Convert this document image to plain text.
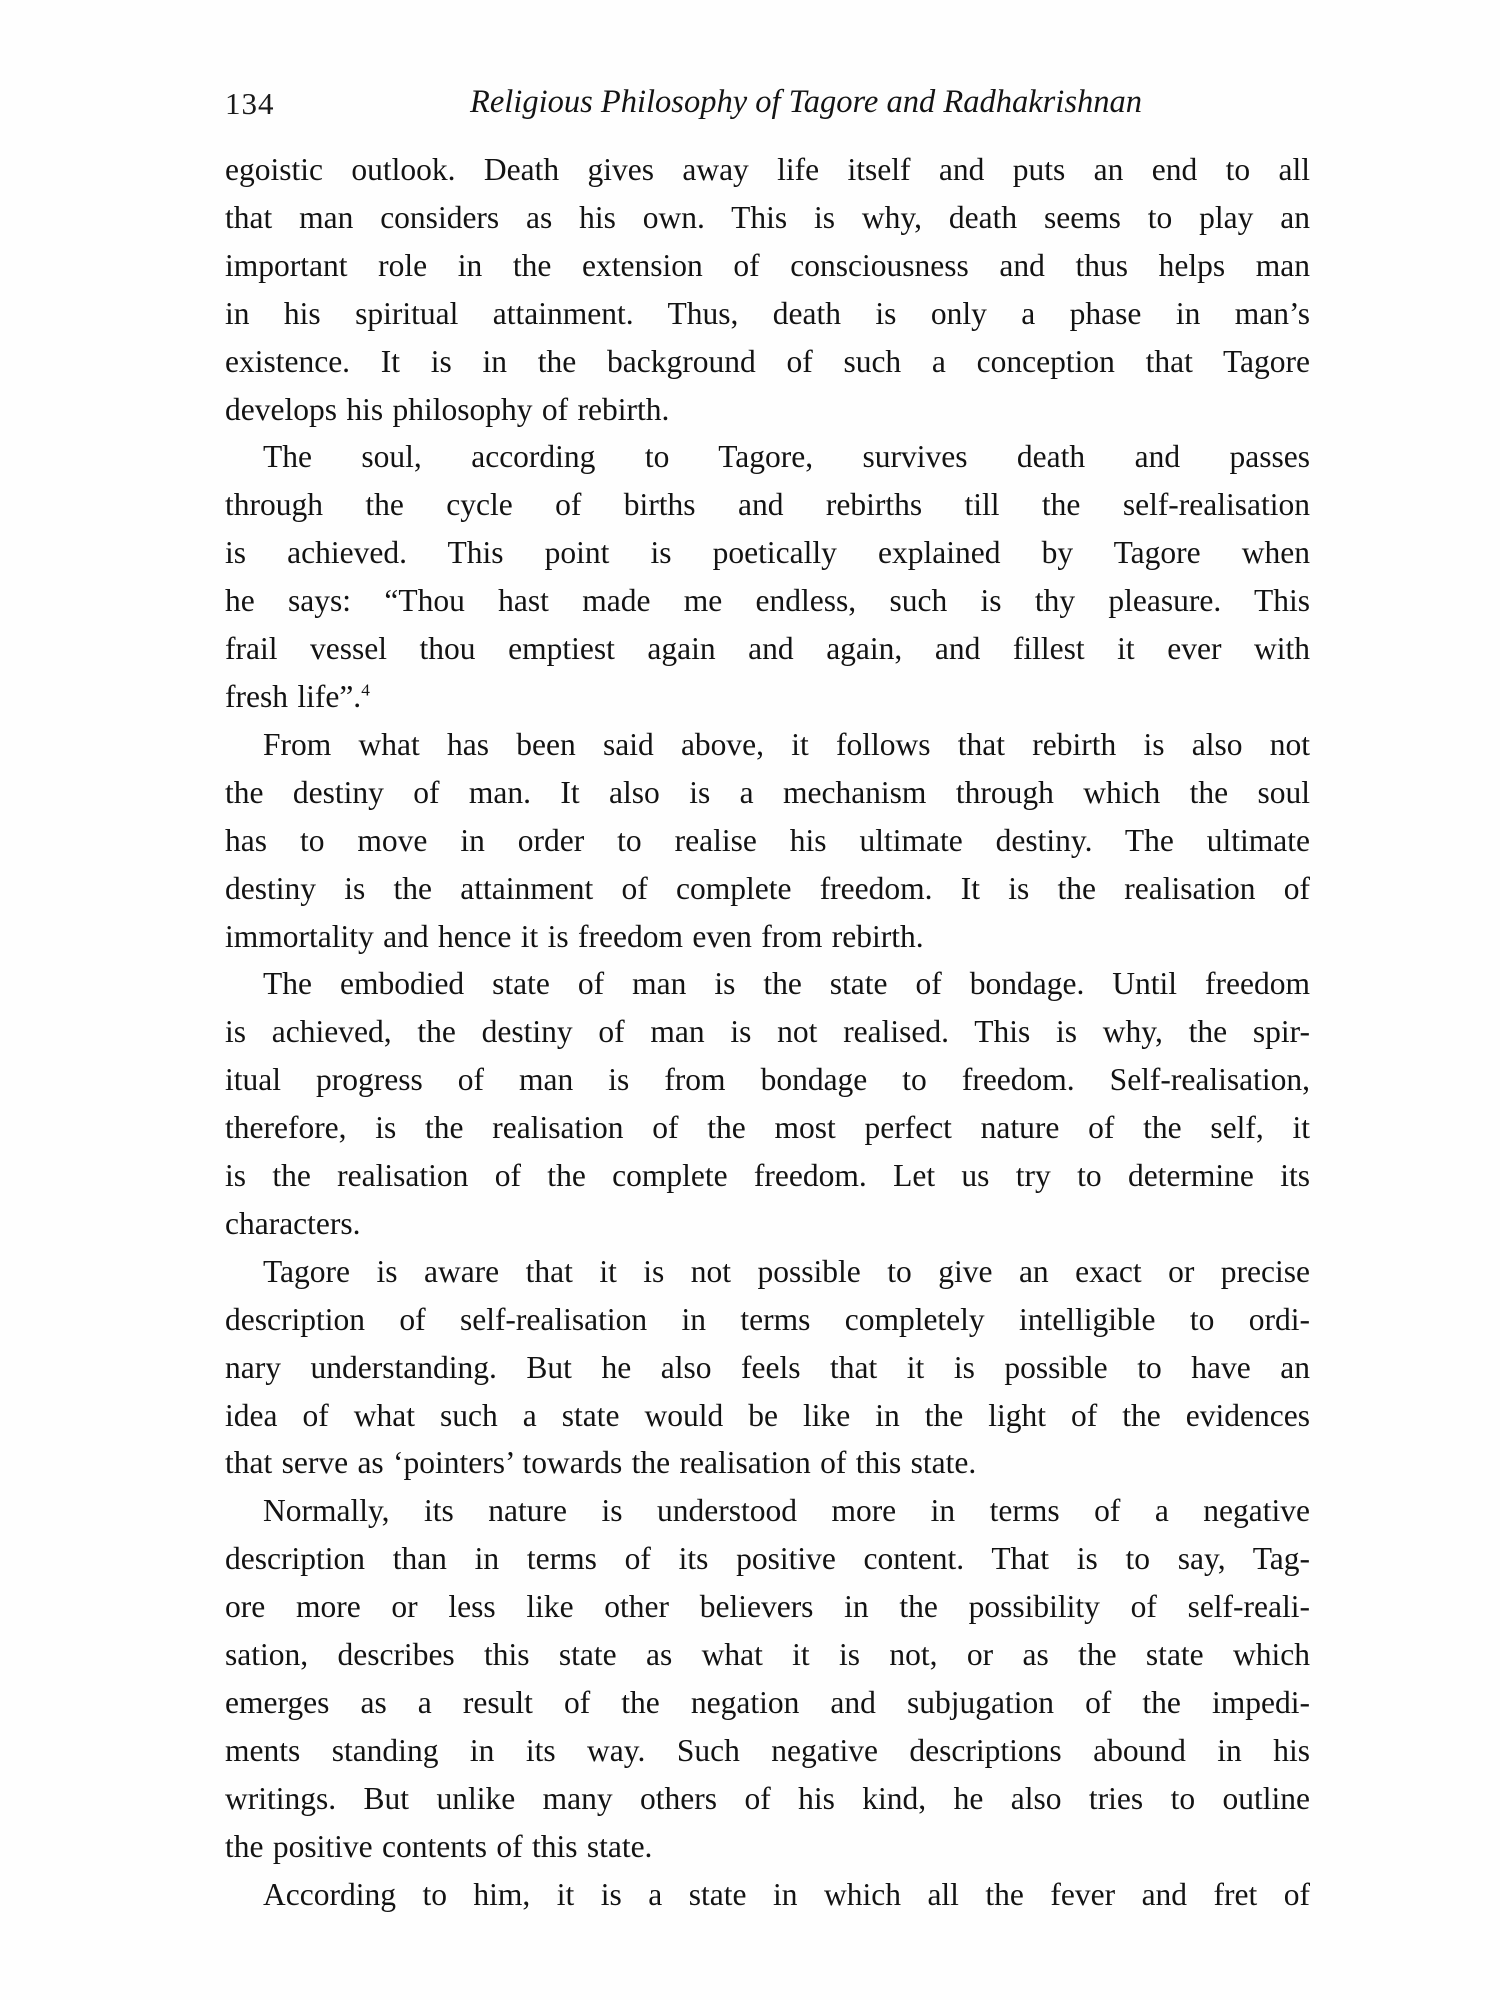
134	Religious Philosophy of Tagore and Radhakrishnan

egoistic outlook. Death gives away life itself and puts an end to all
that man considers as his own. This is why, death seems to play an
important role in the extension of consciousness and thus helps man
in his spiritual attainment. Thus, death is only a phase in man’s
existence. It is in the background of such a conception that Tagore
develops his philosophy of rebirth.

The soul, according to Tagore, survives death and passes
through the cycle of births and rebirths till the self-realisation
is achieved. This point is poetically explained by Tagore when
he says: “Thou hast made me endless, such is thy pleasure. This
frail vessel thou emptiest again and again, and fillest it ever with
fresh life”.$^4$

From what has been said above, it follows that rebirth is also not
the destiny of man. It also is a mechanism through which the soul
has to move in order to realise his ultimate destiny. The ultimate
destiny is the attainment of complete freedom. It is the realisation of
immortality and hence it is freedom even from rebirth.

The embodied state of man is the state of bondage. Until freedom
is achieved, the destiny of man is not realised. This is why, the spir-
itual progress of man is from bondage to freedom. Self-realisation,
therefore, is the realisation of the most perfect nature of the self, it
is the realisation of the complete freedom. Let us try to determine its
characters.

Tagore is aware that it is not possible to give an exact or precise
description of self-realisation in terms completely intelligible to ordi-
nary understanding. But he also feels that it is possible to have an
idea of what such a state would be like in the light of the evidences
that serve as ‘pointers’ towards the realisation of this state.

Normally, its nature is understood more in terms of a negative
description than in terms of its positive content. That is to say, Tag-
ore more or less like other believers in the possibility of self-reali-
sation, describes this state as what it is not, or as the state which
emerges as a result of the negation and subjugation of the impedi-
ments standing in its way. Such negative descriptions abound in his
writings. But unlike many others of his kind, he also tries to outline
the positive contents of this state.

According to him, it is a state in which all the fever and fret of
